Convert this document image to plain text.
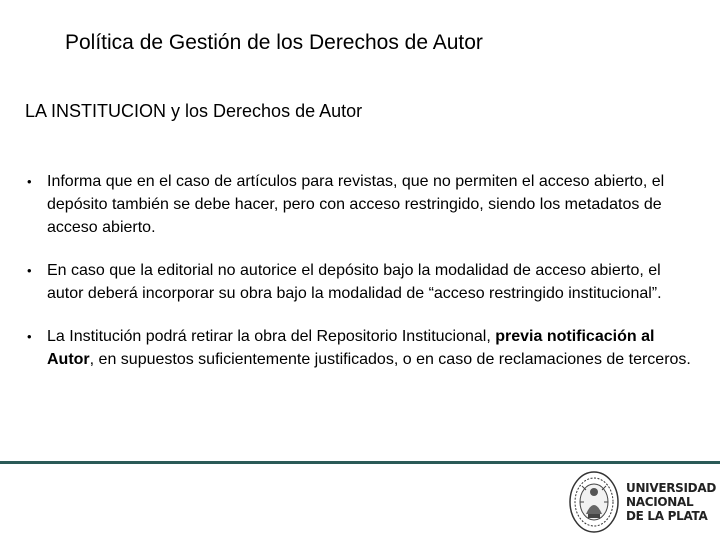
Política de Gestión de los Derechos de Autor
LA INSTITUCION y los Derechos de Autor
• Informa que en el caso de artículos para revistas, que no permiten el acceso abierto, el depósito también se debe hacer, pero con acceso restringido, siendo los metadatos de acceso abierto.
• En caso que la editorial no autorice el depósito bajo la modalidad de acceso abierto, el autor deberá incorporar su obra bajo la modalidad de “acceso restringido institucional”.
• La Institución podrá retirar la obra del Repositorio Institucional, previa notificación al Autor, en supuestos suficientemente justificados, o en caso de reclamaciones de terceros.
UNIVERSIDAD
NACIONAL
DE LA PLATA
